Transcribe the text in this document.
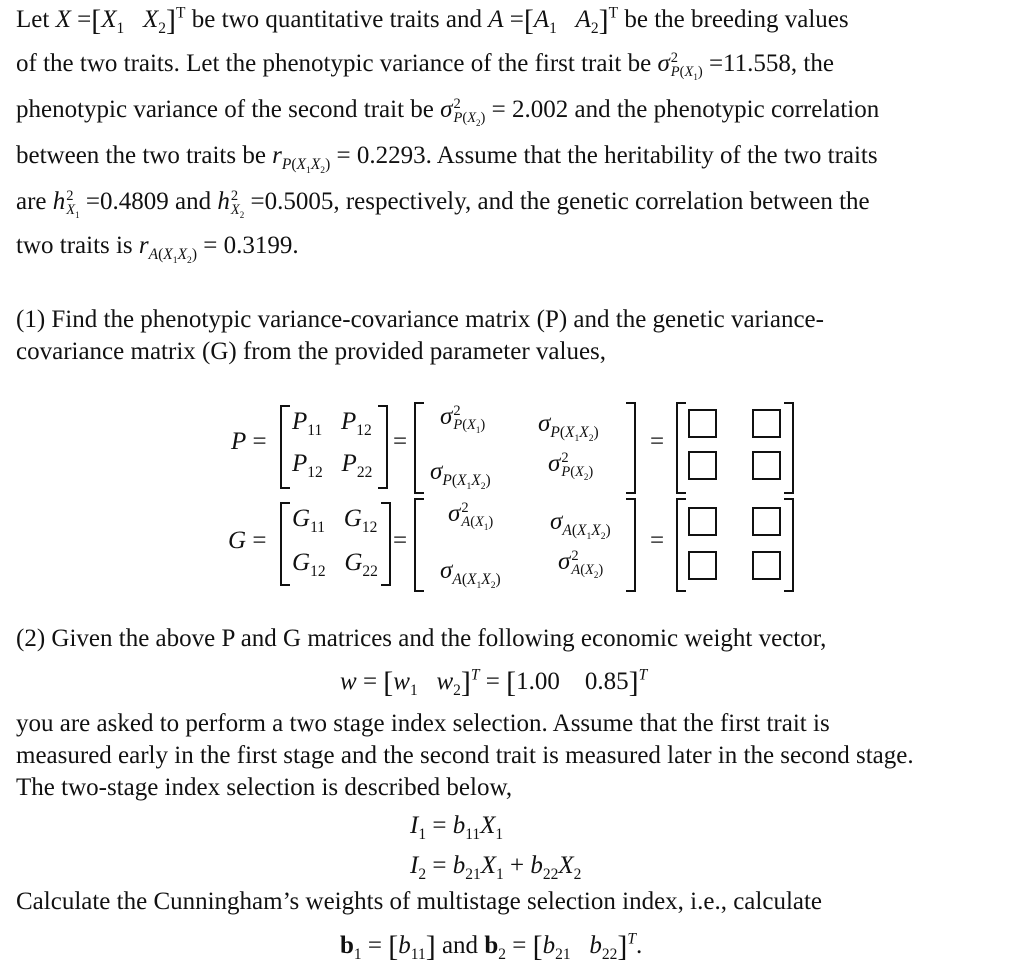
Let $X =[X_1$ $X_2]^T$ be two quantitative traits and $A =[A_1$ $A_2]^T$ be the breeding values
of the two traits. Let the phenotypic variance of the first trait be σ 2
$P(X_1) =11.558$, the
phenotypic variance of the second trait be σ 2
$P(X_2) = 2.002$ and the phenotypic correlation
between the two traits be $r_{P(X_1X_2)} = 0.2293$. Assume that the heritability of the two traits
are h 2
$X_1$
=0.4809 and h 2
$X_2$
=0.5005, respectively, and the genetic correlation between the
two traits is $r_{A(X_1X_2)} = 0.3199$.
(1) Find the phenotypic variance-covariance matrix (P) and the genetic variance-
covariance matrix (G) from the provided parameter values,
P =
$P_{11}$ $P_{12}$
$P_{12}$ $P_{22}$
=
σ 2
$P(X_1)$ $\sigma_{P(X_1X_2)}$
$\sigma_{P(X_1X_2)}$
σ 2
$P(X_2)$
=
G =
$G_{11}$ $G_{12}$
$G_{12}$ $G_{22}$
=
σ 2
$A(X_1)$ $\sigma_{A(X_1X_2)}$
$\sigma_{A(X_1X_2)}$
σ 2
$A(X_2)$
=
(2) Given the above P and G matrices and the following economic weight vector,
$w = [w_1$ $w_2]^T = [1.00$ 0.85]$^T$
you are asked to perform a two stage index selection. Assume that the first trait is
measured early in the first stage and the second trait is measured later in the second stage.
The two-stage index selection is described below,
$I_1 = b_{11}X_1$
$I_2 = b_{21}X_1 + b_{22}X_2$
Calculate the Cunningham’s weights of multistage selection index, i.e., calculate
$b_1 = [b_{11}]$ and $b_2 = [b_{21}$ $b_{22}]^T$.
